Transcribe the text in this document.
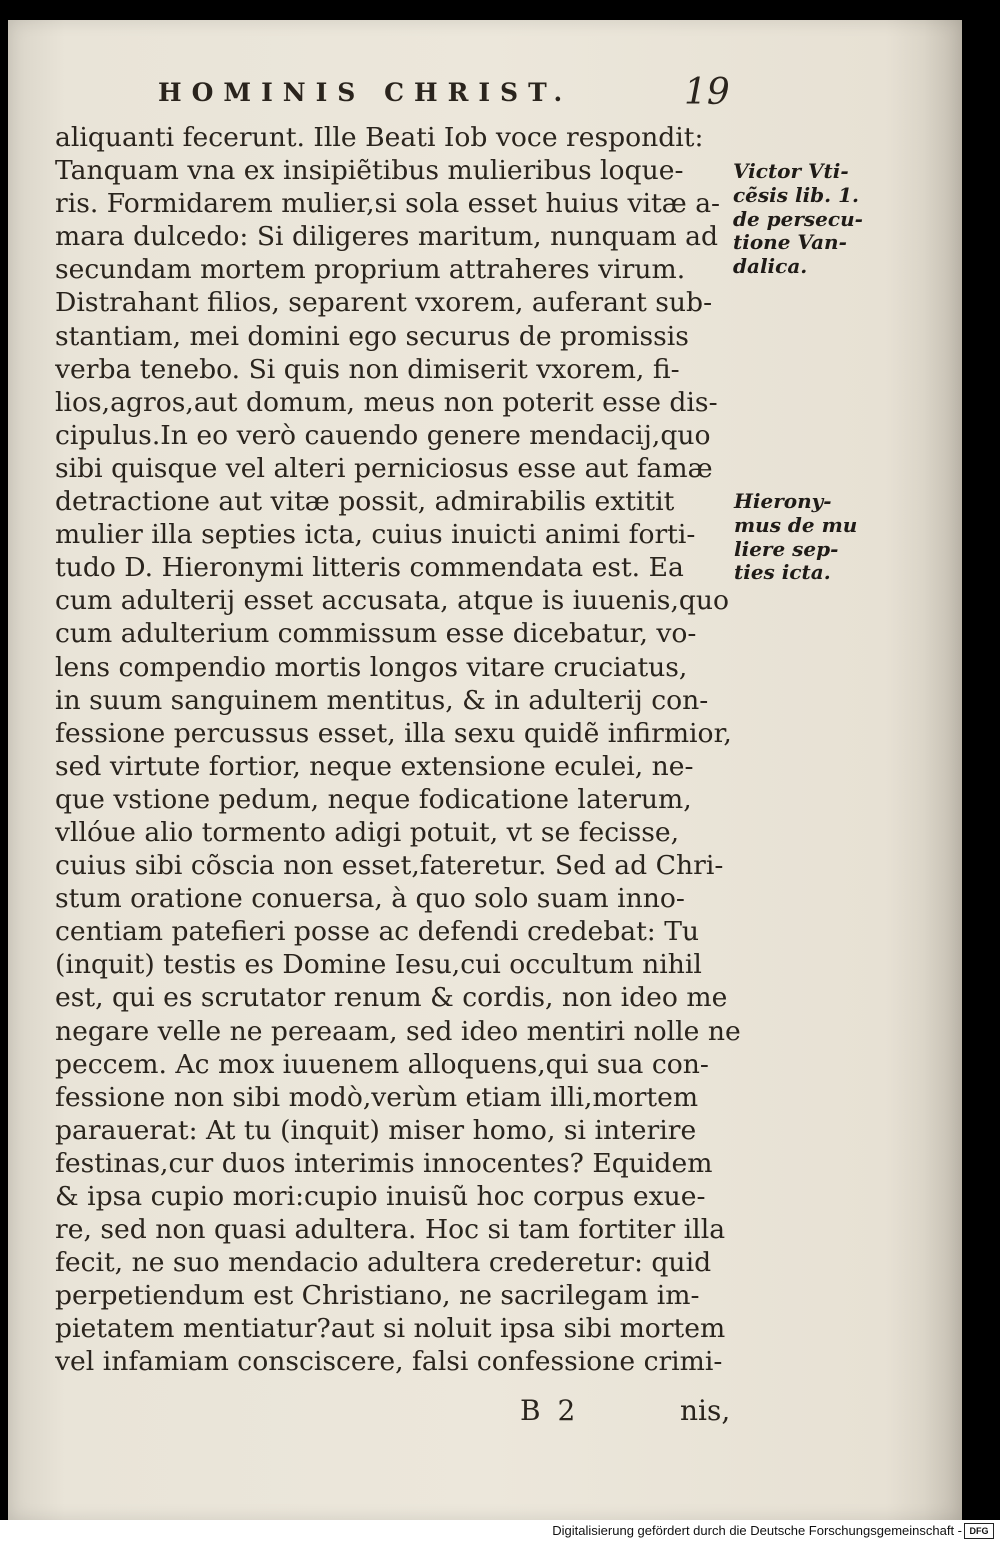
HOMINIS CHRIST.	19
aliquanti fecerunt. Ille Beati Iob voce respondit:
Tanquam vna ex insipiẽtibus mulieribus loque-
ris. Formidarem mulier,si sola esset huius vitæ a-
mara dulcedo: Si diligeres maritum, nunquam ad
secundam mortem proprium attraheres virum.
Distrahant filios, separent vxorem, auferant sub-
stantiam, mei domini ego securus de promissis
verba tenebo. Si quis non dimiserit vxorem, fi-
lios,agros,aut domum, meus non poterit esse dis-
cipulus.In eo verò cauendo genere mendacij,quo
sibi quisque vel alteri perniciosus esse aut famæ
detractione aut vitæ possit, admirabilis extitit
mulier illa septies icta, cuius inuicti animi forti-
tudo D. Hieronymi litteris commendata est. Ea
cum adulterij esset accusata, atque is iuuenis,quo
cum adulterium commissum esse dicebatur, vo-
lens compendio mortis longos vitare cruciatus,
in suum sanguinem mentitus, & in adulterij con-
fessione percussus esset, illa sexu quidẽ infirmior,
sed virtute fortior, neque extensione eculei, ne-
que vstione pedum, neque fodicatione laterum,
vllóue alio tormento adigi potuit, vt se fecisse,
cuius sibi cõscia non esset,fateretur. Sed ad Chri-
stum oratione conuersa, à quo solo suam inno-
centiam patefieri posse ac defendi credebat: Tu
(inquit) testis es Domine Iesu,cui occultum nihil
est, qui es scrutator renum & cordis, non ideo me
negare velle ne pereaam, sed ideo mentiri nolle ne
peccem. Ac mox iuuenem alloquens,qui sua con-
fessione non sibi modò,verùm etiam illi,mortem
parauerat: At tu (inquit) miser homo, si interire
festinas,cur duos interimis innocentes? Equidem
& ipsa cupio mori:cupio inuisũ hoc corpus exue-
re, sed non quasi adultera. Hoc si tam fortiter illa
fecit, ne suo mendacio adultera crederetur: quid
perpetiendum est Christiano, ne sacrilegam im-
pietatem mentiatur?aut si noluit ipsa sibi mortem
vel infamiam consciscere, falsi confessione crimi-
Victor Vti-
cẽsis lib. 1.
de persecu-
tione Van-
dalica.
Hierony-
mus de mu
liere sep-
ties icta.
B 2	nis,
Digitalisierung gefördert durch die Deutsche Forschungsgemeinschaft - DFG
